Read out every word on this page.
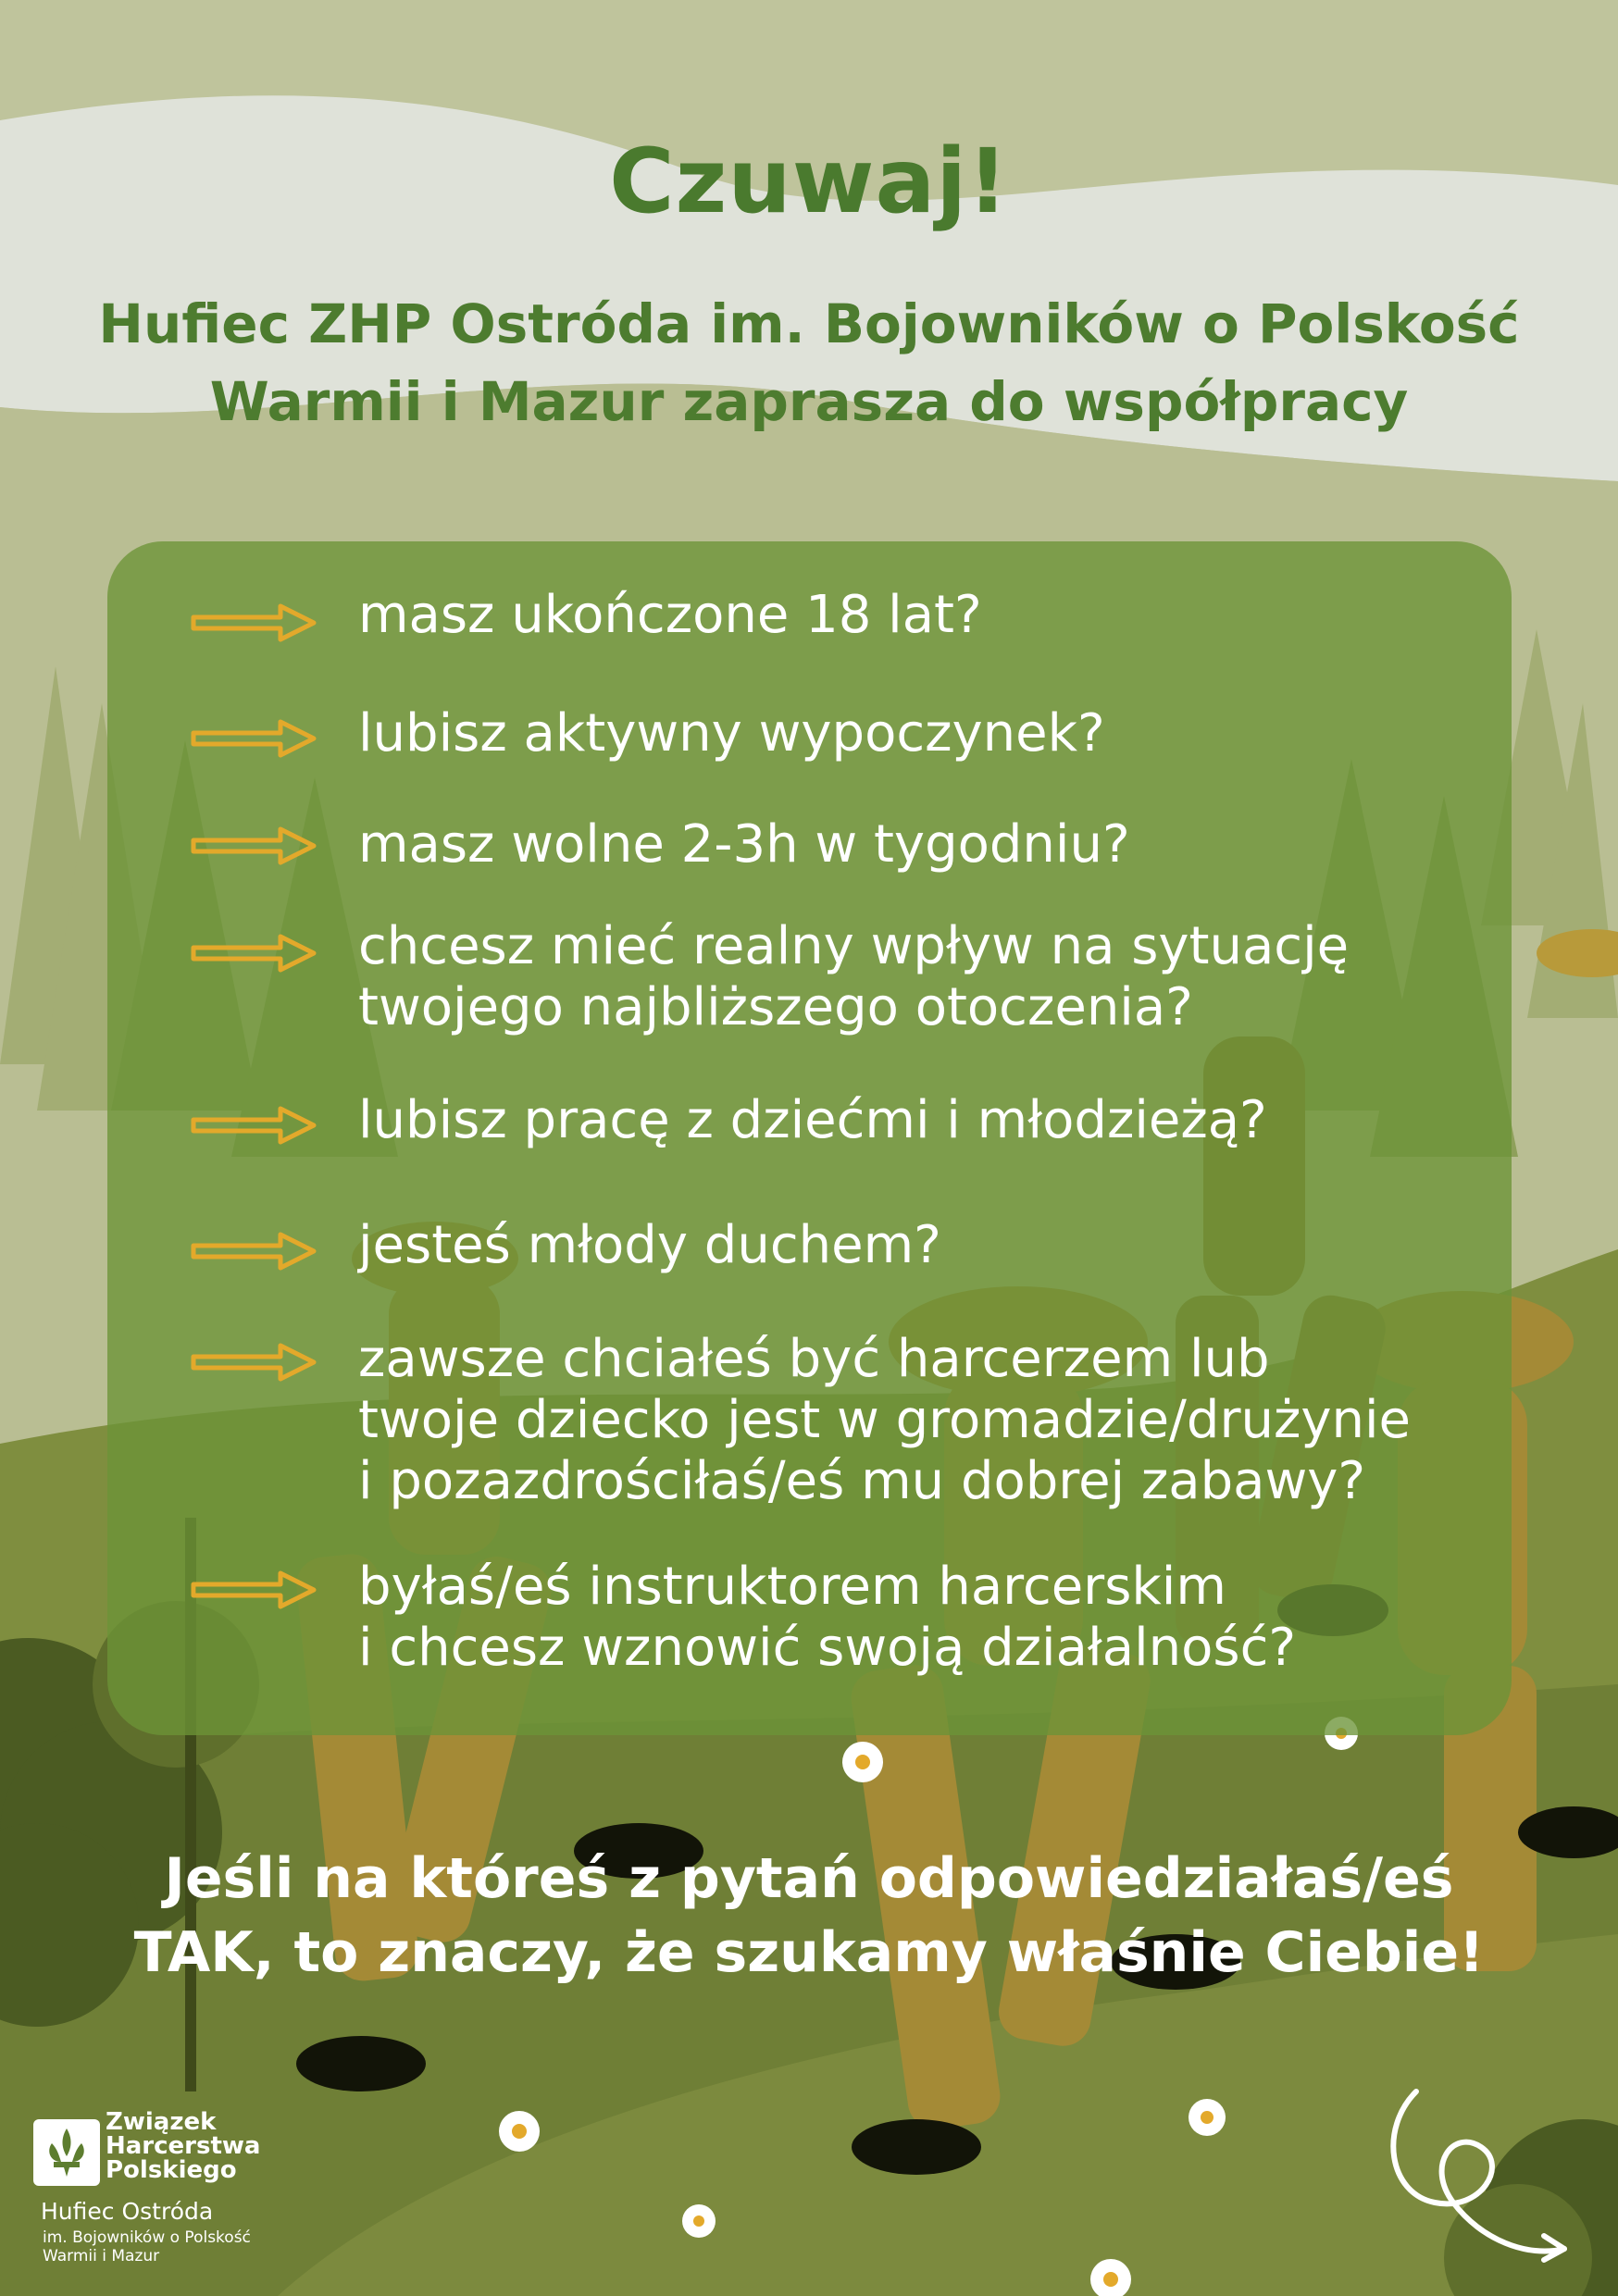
Czuwaj!
Hufiec ZHP Ostróda im. Bojowników o Polskość
Warmii i Mazur zaprasza do współpracy
masz ukończone 18 lat?
lubisz aktywny wypoczynek?
masz wolne 2-3h w tygodniu?
chcesz mieć realny wpływ na sytuację
twojego najbliższego otoczenia?
lubisz pracę z dziećmi i młodzieżą?
jesteś młody duchem?
zawsze chciałeś być harcerzem lub
twoje dziecko jest w gromadzie/drużynie
i pozazdrościłaś/eś mu dobrej zabawy?
byłaś/eś instruktorem harcerskim
i chcesz wznowić swoją działalność?
Jeśli na któreś z pytań odpowiedziałaś/eś
TAK, to znaczy, że szukamy właśnie Ciebie!
Związek
Harcerstwa
Polskiego
Hufiec Ostróda
im. Bojowników o Polskość
Warmii i Mazur
